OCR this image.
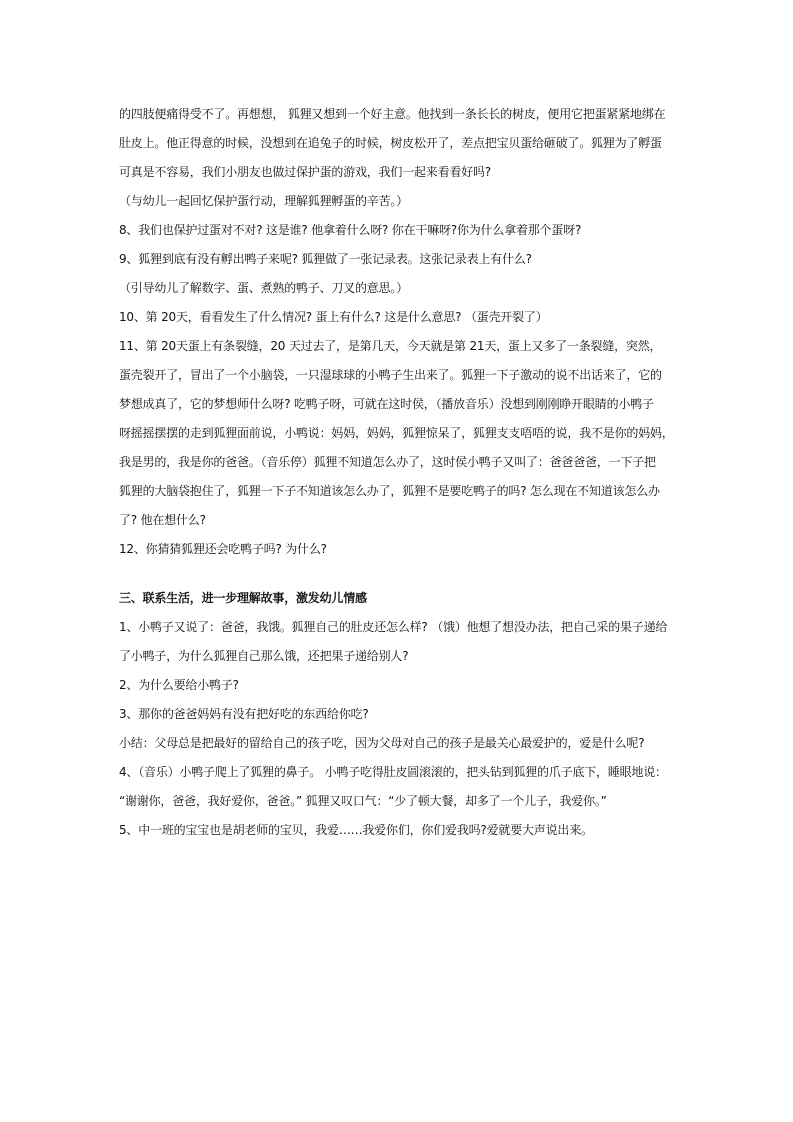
的四肢便痛得受不了。再想想， 狐狸又想到一个好主意。他找到一条长长的树皮，便用它把蛋紧紧地绑在
肚皮上。他正得意的时候，没想到在追兔子的时候，树皮松开了，差点把宝贝蛋给砸破了。狐狸为了孵蛋
可真是不容易，我们小朋友也做过保护蛋的游戏，我们一起来看看好吗?
（与幼儿一起回忆保护蛋行动，理解狐狸孵蛋的辛苦。）
8、我们也保护过蛋对不对? 这是谁? 他拿着什么呀? 你在干嘛呀?你为什么拿着那个蛋呀?
9、狐狸到底有没有孵出鸭子来呢? 狐狸做了一张记录表。这张记录表上有什么?
（引导幼儿了解数字、蛋、煮熟的鸭子、刀叉的意思。）
10、第 20天，看看发生了什么情况? 蛋上有什么? 这是什么意思? （蛋壳开裂了）
11、第 20天蛋上有条裂缝，20 天过去了，是第几天，今天就是第 21天，蛋上又多了一条裂缝，突然，
蛋壳裂开了，冒出了一个小脑袋，一只湿球球的小鸭子生出来了。狐狸一下子激动的说不出话来了，它的
梦想成真了，它的梦想师什么呀? 吃鸭子呀，可就在这时侯，（播放音乐）没想到刚刚睁开眼睛的小鸭子
呀摇摇摆摆的走到狐狸面前说，小鸭说：妈妈，妈妈，狐狸惊呆了，狐狸支支唔唔的说，我不是你的妈妈，
我是男的，我是你的爸爸。（音乐停）狐狸不知道怎么办了，这时侯小鸭子又叫了：爸爸爸爸，一下子把
狐狸的大脑袋抱住了，狐狸一下子不知道该怎么办了，狐狸不是要吃鸭子的吗? 怎么现在不知道该怎么办
了? 他在想什么?
12、你猜猜狐狸还会吃鸭子吗? 为什么?
三、联系生活，进一步理解故事，激发幼儿情感
1、小鸭子又说了：爸爸，我饿。狐狸自己的肚皮还怎么样? （饿）他想了想没办法，把自己采的果子递给
了小鸭子，为什么狐狸自己那么饿，还把果子递给别人?
2、为什么要给小鸭子?
3、那你的爸爸妈妈有没有把好吃的东西给你吃?
小结：父母总是把最好的留给自己的孩子吃，因为父母对自己的孩子是最关心最爱护的，爱是什么呢?
4、（音乐）小鸭子爬上了狐狸的鼻子。 小鸭子吃得肚皮圆滚滚的，把头钻到狐狸的爪子底下，睡眼地说：
“谢谢你，爸爸，我好爱你，爸爸。” 狐狸又叹口气：“少了顿大餐，却多了一个儿子，我爱你。”
5、中一班的宝宝也是胡老师的宝贝，我爱……我爱你们，你们爱我吗?爱就要大声说出来。
